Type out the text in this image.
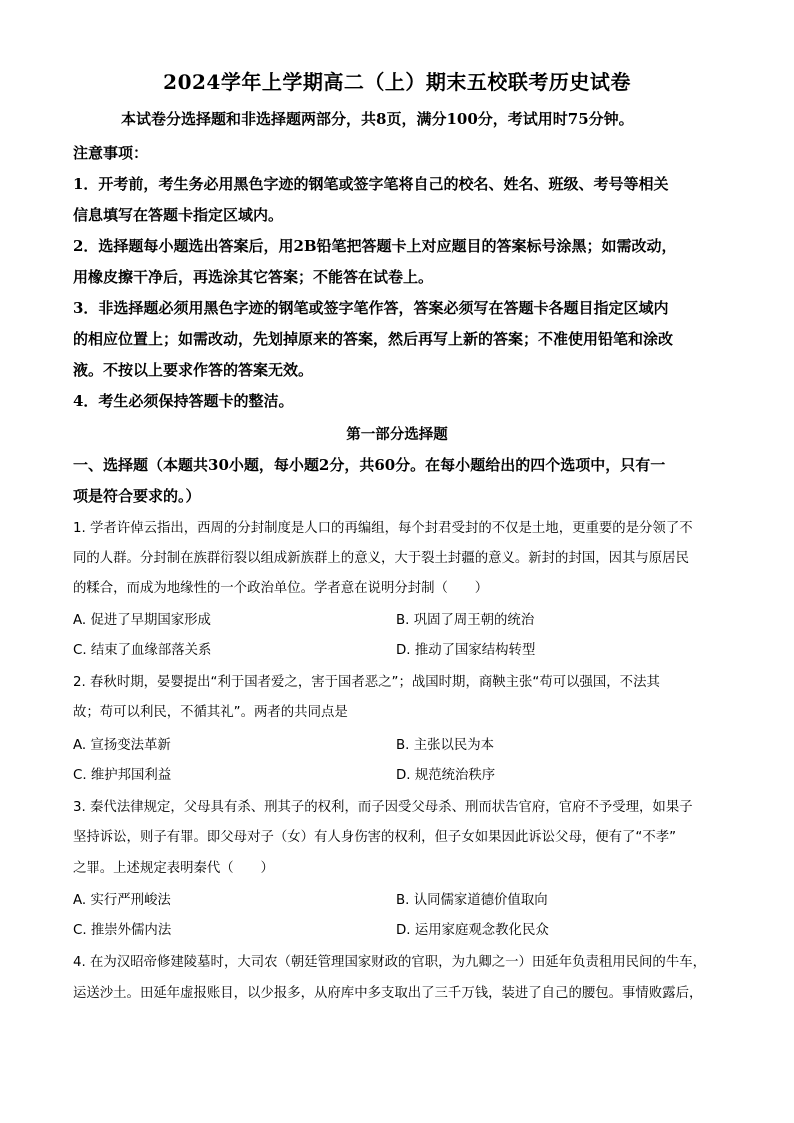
2024学年上学期高二（上）期末五校联考历史试卷
本试卷分选择题和非选择题两部分，共8页，满分100分，考试用时75分钟。
注意事项：
1．开考前，考生务必用黑色字迹的钢笔或签字笔将自己的校名、姓名、班级、考号等相关
信息填写在答题卡指定区域内。
2．选择题每小题选出答案后，用2B铅笔把答题卡上对应题目的答案标号涂黑；如需改动，
用橡皮擦干净后，再选涂其它答案；不能答在试卷上。
3．非选择题必须用黑色字迹的钢笔或签字笔作答，答案必须写在答题卡各题目指定区域内
的相应位置上；如需改动，先划掉原来的答案，然后再写上新的答案；不准使用铅笔和涂改
液。不按以上要求作答的答案无效。
4．考生必须保持答题卡的整洁。
第一部分选择题
一、选择题（本题共30小题，每小题2分，共60分。在每小题给出的四个选项中，只有一
项是符合要求的。）
1. 学者许倬云指出，西周的分封制度是人口的再编组，每个封君受封的不仅是土地，更重要的是分领了不
同的人群。分封制在族群衍裂以组成新族群上的意义，大于裂土封疆的意义。新封的封国，因其与原居民
的糅合，而成为地缘性的一个政治单位。学者意在说明分封制（　　）
A. 促进了早期国家形成	B. 巩固了周王朝的统治
C. 结束了血缘部落关系	D. 推动了国家结构转型
2. 春秋时期，晏婴提出“利于国者爱之，害于国者恶之”；战国时期，商鞅主张“苟可以强国，不法其
故；苟可以利民，不循其礼”。两者的共同点是
A. 宣扬变法革新	B. 主张以民为本
C. 维护邦国利益	D. 规范统治秩序
3. 秦代法律规定，父母具有杀、刑其子的权利，而子因受父母杀、刑而状告官府，官府不予受理，如果子
坚持诉讼，则子有罪。即父母对子（女）有人身伤害的权利，但子女如果因此诉讼父母，便有了“不孝”
之罪。上述规定表明秦代（　　）
A. 实行严刑峻法	B. 认同儒家道德价值取向
C. 推崇外儒内法	D. 运用家庭观念教化民众
4. 在为汉昭帝修建陵墓时，大司农（朝廷管理国家财政的官职，为九卿之一）田延年负责租用民间的牛车，
运送沙土。田延年虚报账目，以少报多，从府库中多支取出了三千万钱，装进了自己的腰包。事情败露后，
